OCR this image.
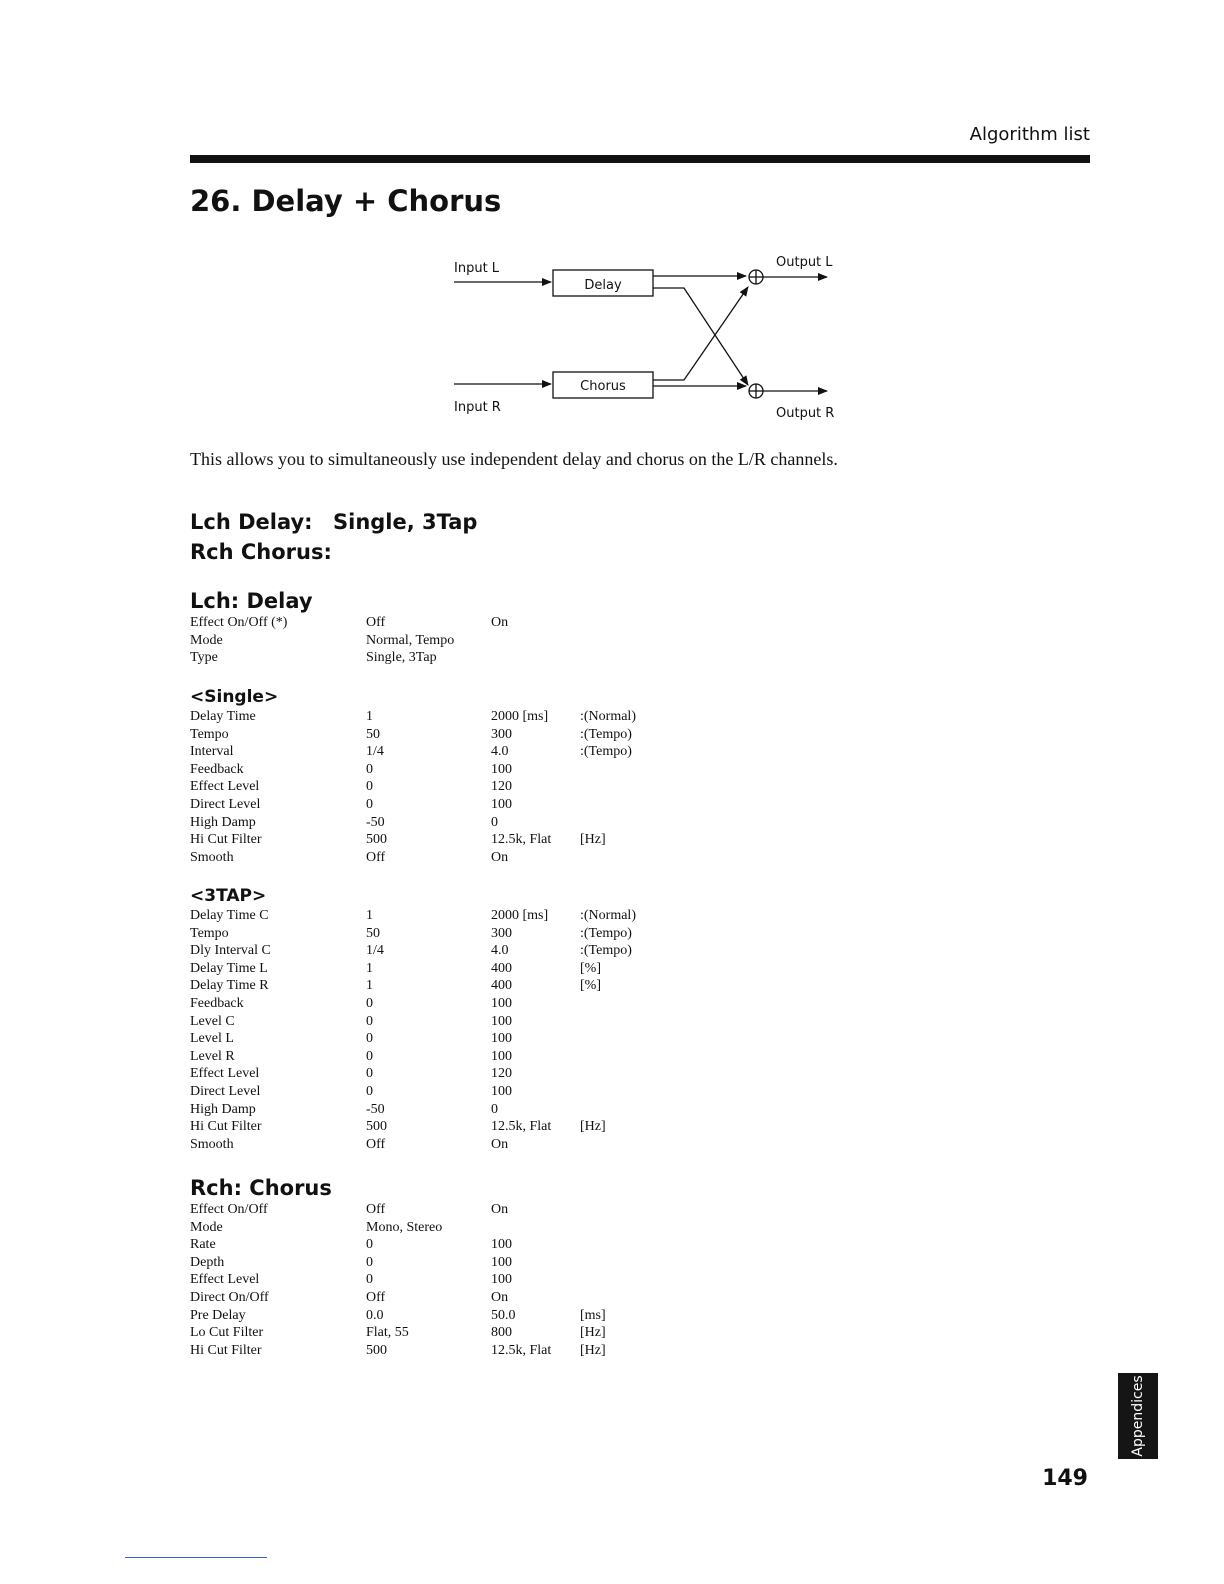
Algorithm list
26. Delay + Chorus
Input L
Input R
Output L
Output R
Delay
Chorus

This allows you to simultaneously use independent delay and chorus on the L/R channels.

Lch Delay: Single, 3Tap
Rch Chorus:
Lch: Delay
Effect On/Off (*)	Off	On
Mode	Normal, Tempo
Type	Single, 3Tap
<Single>
Delay Time	1	2000 [ms] :(Normal)
Tempo	50	300	:(Tempo)
Interval	1/4	4.0	:(Tempo)
Feedback	0	100
Effect Level	0	120
Direct Level	0	100
High Damp	-50	0
Hi Cut Filter	500	12.5k, Flat [Hz]
Smooth	Off	On
<3TAP>
Delay Time C	1	2000 [ms] :(Normal)
Tempo	50	300	:(Tempo)
Dly Interval C	1/4	4.0	:(Tempo)
Delay Time L	1	400	[%]
Delay Time R	1	400	[%]
Feedback	0	100
Level C	0	100
Level L	0	100
Level R	0	100
Effect Level	0	120
Direct Level	0	100
High Damp	-50	0
Hi Cut Filter	500	12.5k, Flat [Hz]
Smooth	Off	On
Rch: Chorus
Effect On/Off	Off	On
Mode	Mono, Stereo
Rate	0	100
Depth	0	100
Effect Level	0	100
Direct On/Off	Off	On
Pre Delay	0.0	50.0	[ms]
Lo Cut Filter	Flat, 55	800	[Hz]
Hi Cut Filter	500	12.5k, Flat [Hz]
Appendices
149
